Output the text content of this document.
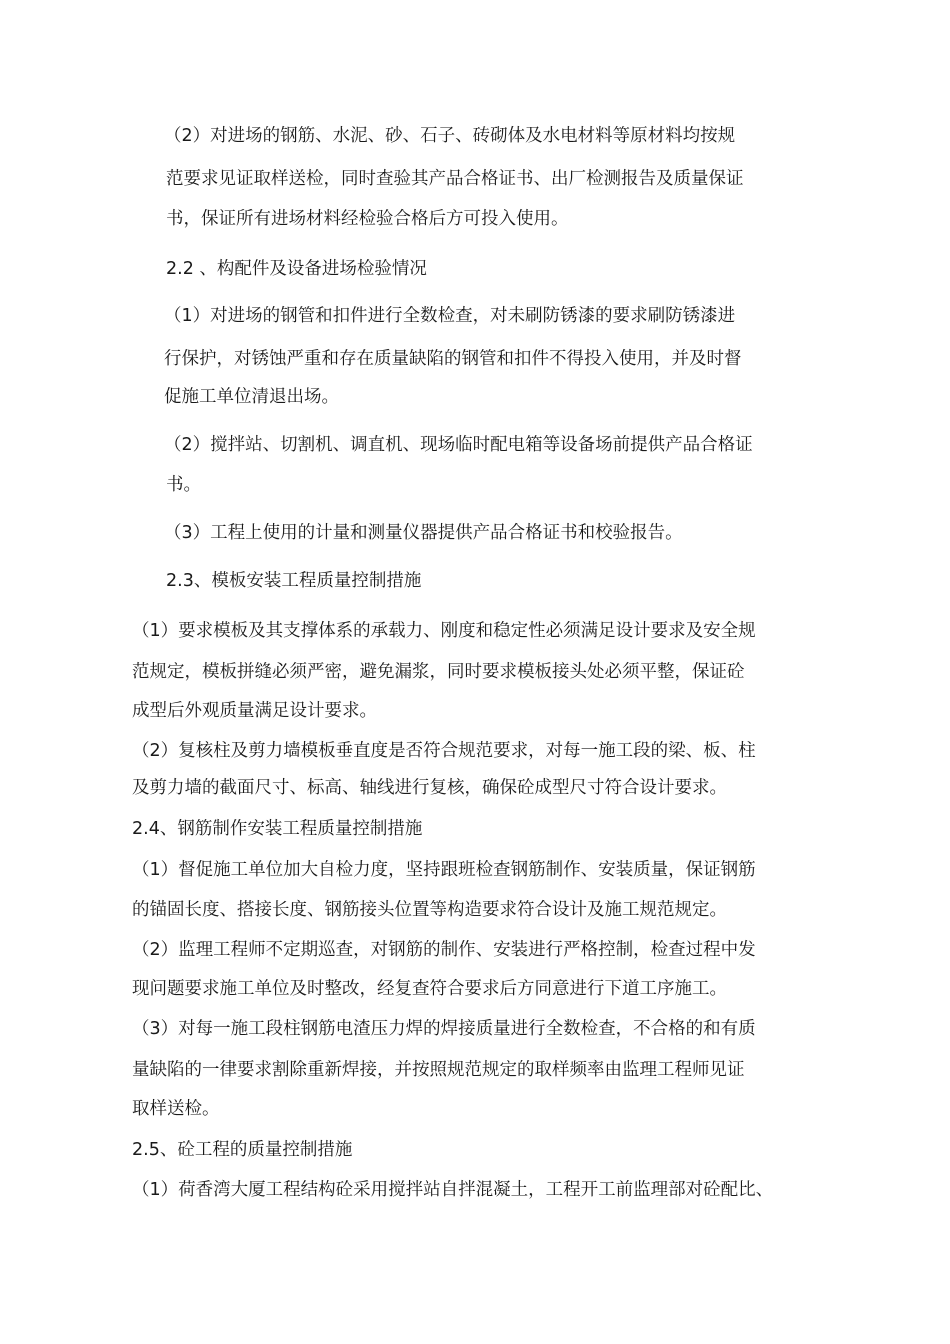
（2）对进场的钢筋、水泥、砂、石子、砖砌体及水电材料等原材料均按规
范要求见证取样送检，同时查验其产品合格证书、出厂检测报告及质量保证
书，保证所有进场材料经检验合格后方可投入使用。
2.2 、构配件及设备进场检验情况
（1）对进场的钢管和扣件进行全数检查，对未刷防锈漆的要求刷防锈漆进
行保护，对锈蚀严重和存在质量缺陷的钢管和扣件不得投入使用，并及时督
促施工单位清退出场。
（2）搅拌站、切割机、调直机、现场临时配电箱等设备场前提供产品合格证
书。
（3）工程上使用的计量和测量仪器提供产品合格证书和校验报告。
2.3、模板安装工程质量控制措施
（1）要求模板及其支撑体系的承载力、刚度和稳定性必须满足设计要求及安全规
范规定，模板拼缝必须严密，避免漏浆，同时要求模板接头处必须平整，保证砼
成型后外观质量满足设计要求。
（2）复核柱及剪力墙模板垂直度是否符合规范要求，对每一施工段的梁、板、柱
及剪力墙的截面尺寸、标高、轴线进行复核，确保砼成型尺寸符合设计要求。
2.4、钢筋制作安装工程质量控制措施
（1）督促施工单位加大自检力度，坚持跟班检查钢筋制作、安装质量，保证钢筋
的锚固长度、搭接长度、钢筋接头位置等构造要求符合设计及施工规范规定。
（2）监理工程师不定期巡查，对钢筋的制作、安装进行严格控制，检查过程中发
现问题要求施工单位及时整改，经复查符合要求后方同意进行下道工序施工。
（3）对每一施工段柱钢筋电渣压力焊的焊接质量进行全数检查，不合格的和有质
量缺陷的一律要求割除重新焊接，并按照规范规定的取样频率由监理工程师见证
取样送检。
2.5、砼工程的质量控制措施
（1）荷香湾大厦工程结构砼采用搅拌站自拌混凝土，工程开工前监理部对砼配比、
